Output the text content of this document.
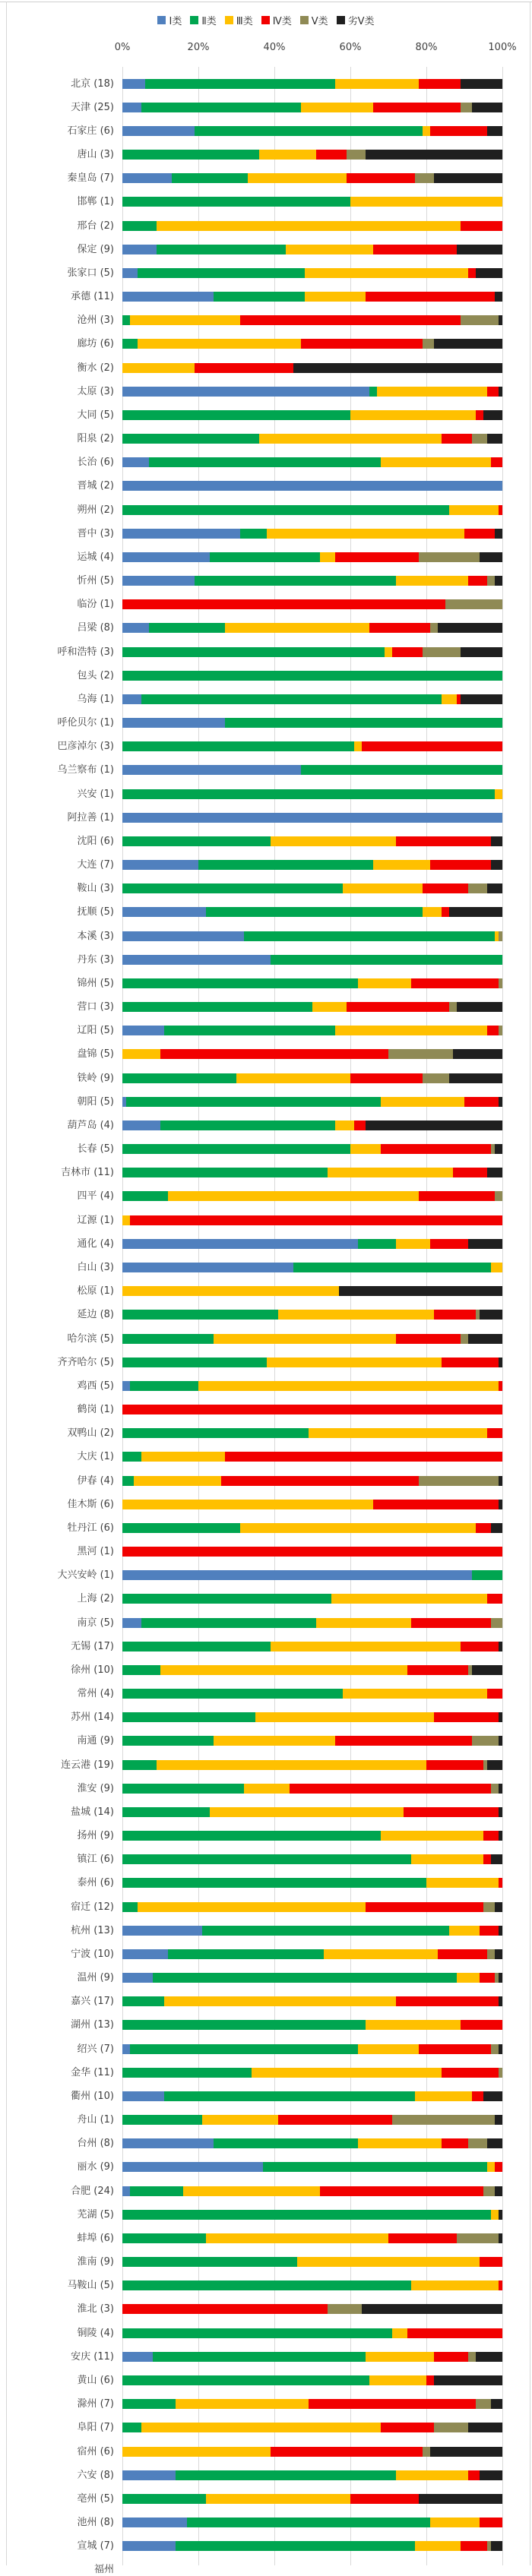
Ⅰ类 Ⅱ类 Ⅲ类 Ⅳ类 Ⅴ类 劣Ⅴ类
0%	20%	40%	60%	80%	100%
北京 (18)
天津 (25)
石家庄 (6)
唐山 (3)
秦皇岛 (7)
邯郸 (1)
邢台 (2)
保定 (9)
张家口 (5)
承德 (11)
沧州 (3)
廊坊 (6)
衡水 (2)
太原 (3)
大同 (5)
阳泉 (2)
长治 (6)
晋城 (2)
朔州 (2)
晋中 (3)
运城 (4)
忻州 (5)
临汾 (1)
吕梁 (8)
呼和浩特 (3)
包头 (2)
乌海 (1)
呼伦贝尔 (1)
巴彦淖尔 (3)
乌兰察布 (1)
兴安 (1)
阿拉善 (1)
沈阳 (6)
大连 (7)
鞍山 (3)
抚顺 (5)
本溪 (3)
丹东 (3)
锦州 (5)
营口 (3)
辽阳 (5)
盘锦 (5)
铁岭 (9)
朝阳 (5)
葫芦岛 (4)
长春 (5)
吉林市 (11)
四平 (4)
辽源 (1)
通化 (4)
白山 (3)
松原 (1)
延边 (8)
哈尔滨 (5)
齐齐哈尔 (5)
鸡西 (5)
鹤岗 (1)
双鸭山 (2)
大庆 (1)
伊春 (4)
佳木斯 (6)
牡丹江 (6)
黑河 (1)
大兴安岭 (1)
上海 (2)
南京 (5)
无锡 (17)
徐州 (10)
常州 (4)
苏州 (14)
南通 (9)
连云港 (19)
淮安 (9)
盐城 (14)
扬州 (9)
镇江 (6)
泰州 (6)
宿迁 (12)
杭州 (13)
宁波 (10)
温州 (9)
嘉兴 (17)
湖州 (13)
绍兴 (7)
金华 (11)
衢州 (10)
舟山 (1)
台州 (8)
丽水 (9)
合肥 (24)
芜湖 (5)
蚌埠 (6)
淮南 (9)
马鞍山 (5)
淮北 (3)
铜陵 (4)
安庆 (11)
黄山 (6)
滁州 (7)
阜阳 (7)
宿州 (6)
六安 (8)
亳州 (5)
池州 (8)
宣城 (7)
福州
